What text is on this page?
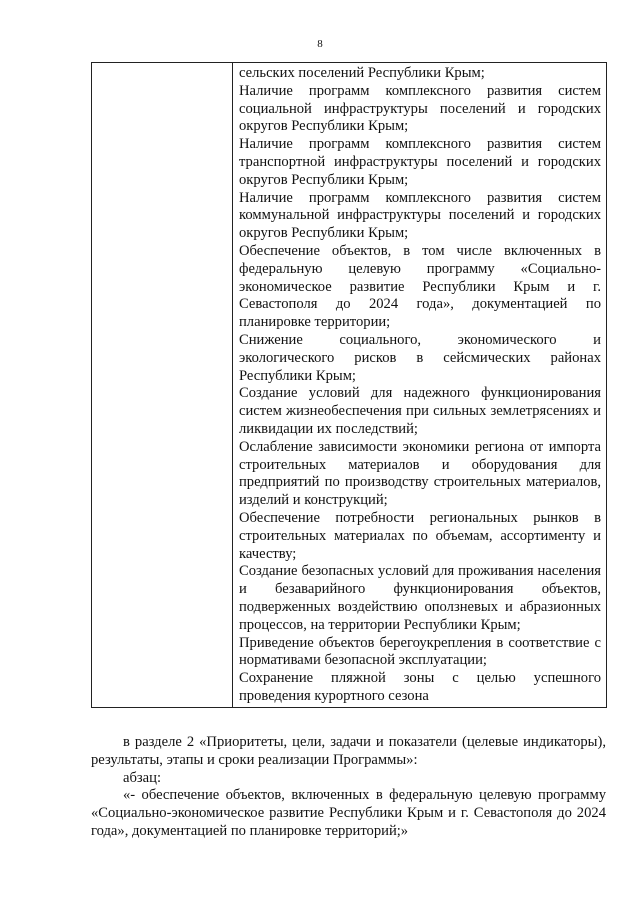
8

сельских поселений Республики Крым;

Наличие программ комплексного развития систем социальной инфраструктуры поселений и городских округов Республики Крым;

Наличие программ комплексного развития систем транспортной инфраструктуры поселений и городских округов Республики Крым;

Наличие программ комплексного развития систем коммунальной инфраструктуры поселений и городских округов Республики Крым;

Обеспечение объектов, в том числе включенных в федеральную целевую программу «Социально-экономическое развитие Республики Крым и г. Севастополя до 2024 года», документацией по планировке территории;

Снижение социального, экономического и экологического рисков в сейсмических районах Республики Крым;

Создание условий для надежного функционирования систем жизнеобеспечения при сильных землетрясениях и ликвидации их последствий;

Ослабление зависимости экономики региона от импорта строительных материалов и оборудования для предприятий по производству строительных материалов, изделий и конструкций;

Обеспечение потребности региональных рынков в строительных материалах по объемам, ассортименту и качеству;

Создание безопасных условий для проживания населения и безаварийного функционирования объектов, подверженных воздействию оползневых и абразионных процессов, на территории Республики Крым;

Приведение объектов берегоукрепления в соответствие с нормативами безопасной эксплуатации;

Сохранение пляжной зоны с целью успешного проведения курортного сезона

в разделе 2 «Приоритеты, цели, задачи и показатели (целевые индикаторы), результаты, этапы и сроки реализации Программы»:

абзац:

«- обеспечение объектов, включенных в федеральную целевую программу «Социально-экономическое развитие Республики Крым и г. Севастополя до 2024 года», документацией по планировке территорий;»
